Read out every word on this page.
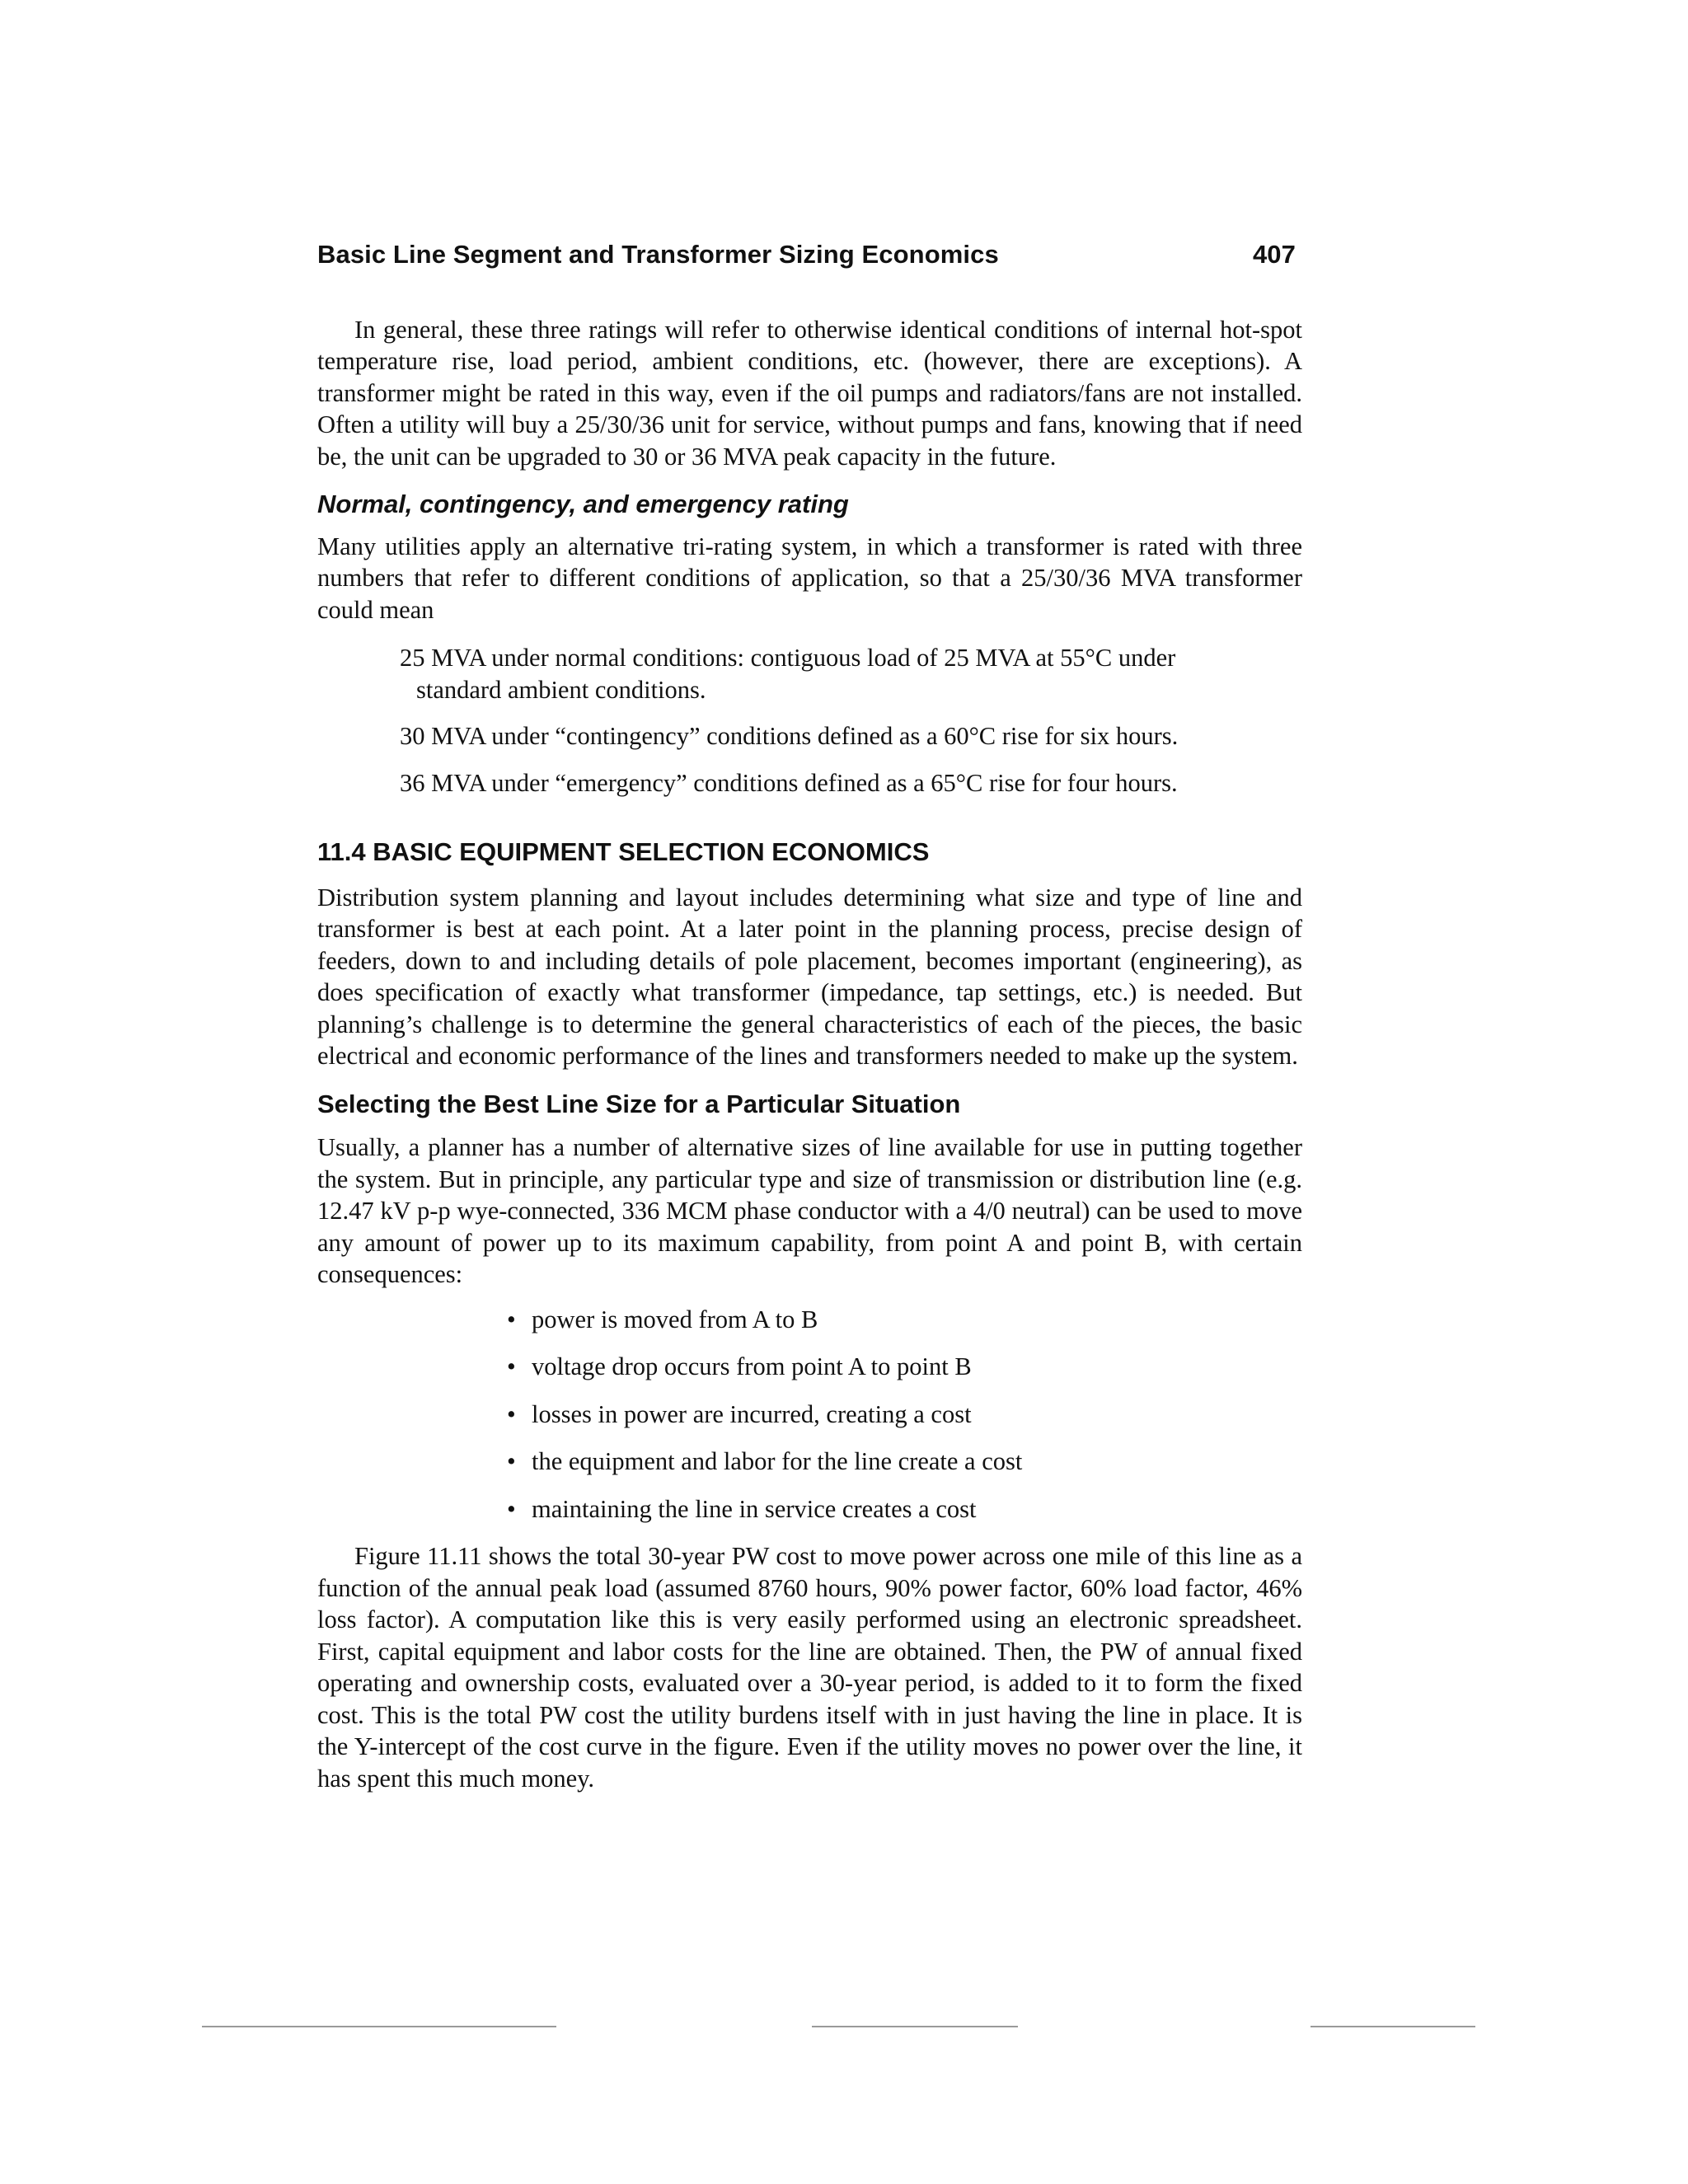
Basic Line Segment and Transformer Sizing Economics	407

In general, these three ratings will refer to otherwise identical conditions of internal hot-spot temperature rise, load period, ambient conditions, etc. (however, there are exceptions). A transformer might be rated in this way, even if the oil pumps and radiators/fans are not installed. Often a utility will buy a 25/30/36 unit for service, without pumps and fans, knowing that if need be, the unit can be upgraded to 30 or 36 MVA peak capacity in the future.

Normal, contingency, and emergency rating

Many utilities apply an alternative tri-rating system, in which a transformer is rated with three numbers that refer to different conditions of application, so that a 25/30/36 MVA transformer could mean

25 MVA under normal conditions: contiguous load of 25 MVA at 55°C under standard ambient conditions.
30 MVA under “contingency” conditions defined as a 60°C rise for six hours.
36 MVA under “emergency” conditions defined as a 65°C rise for four hours.
11.4 BASIC EQUIPMENT SELECTION ECONOMICS

Distribution system planning and layout includes determining what size and type of line and transformer is best at each point. At a later point in the planning process, precise design of feeders, down to and including details of pole placement, becomes important (engineering), as does specification of exactly what transformer (impedance, tap settings, etc.) is needed. But planning’s challenge is to determine the general characteristics of each of the pieces, the basic electrical and economic performance of the lines and transformers needed to make up the system.

Selecting the Best Line Size for a Particular Situation

Usually, a planner has a number of alternative sizes of line available for use in putting together the system. But in principle, any particular type and size of transmission or distribution line (e.g. 12.47 kV p-p wye-connected, 336 MCM phase conductor with a 4/0 neutral) can be used to move any amount of power up to its maximum capability, from point A and point B, with certain consequences:

• power is moved from A to B
• voltage drop occurs from point A to point B
• losses in power are incurred, creating a cost
• the equipment and labor for the line create a cost
• maintaining the line in service creates a cost

Figure 11.11 shows the total 30-year PW cost to move power across one mile of this line as a function of the annual peak load (assumed 8760 hours, 90% power factor, 60% load factor, 46% loss factor). A computation like this is very easily performed using an electronic spreadsheet. First, capital equipment and labor costs for the line are obtained. Then, the PW of annual fixed operating and ownership costs, evaluated over a 30-year period, is added to it to form the fixed cost. This is the total PW cost the utility burdens itself with in just having the line in place. It is the Y-intercept of the cost curve in the figure. Even if the utility moves no power over the line, it has spent this much money.
